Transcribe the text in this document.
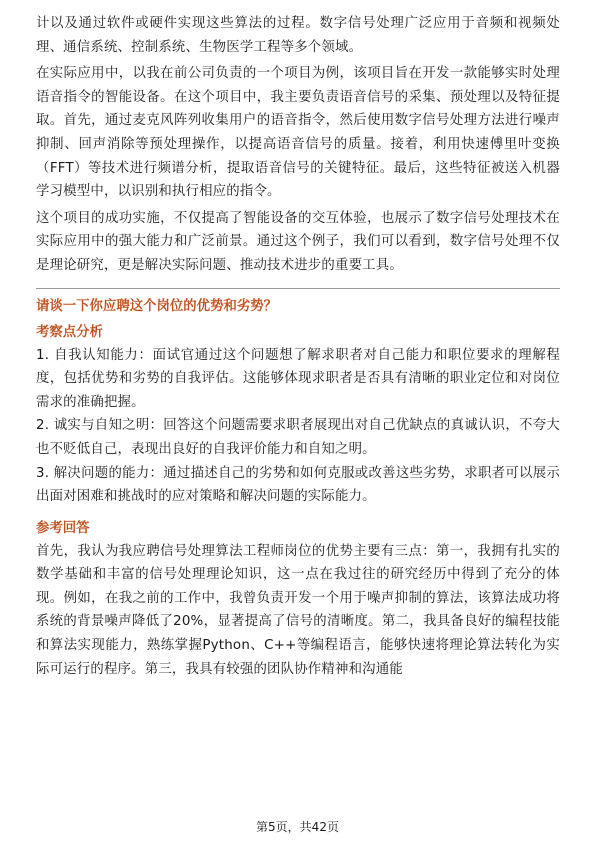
计以及通过软件或硬件实现这些算法的过程。数字信号处理广泛应用于音频和视频处理、通信系统、控制系统、生物医学工程等多个领域。

在实际应用中，以我在前公司负责的一个项目为例，该项目旨在开发一款能够实时处理语音指令的智能设备。在这个项目中，我主要负责语音信号的采集、预处理以及特征提取。首先，通过麦克风阵列收集用户的语音指令，然后使用数字信号处理方法进行噪声抑制、回声消除等预处理操作，以提高语音信号的质量。接着，利用快速傅里叶变换（FFT）等技术进行频谱分析，提取语音信号的关键特征。最后，这些特征被送入机器学习模型中，以识别和执行相应的指令。

这个项目的成功实施，不仅提高了智能设备的交互体验，也展示了数字信号处理技术在实际应用中的强大能力和广泛前景。通过这个例子，我们可以看到，数字信号处理不仅是理论研究，更是解决实际问题、推动技术进步的重要工具。

请谈一下你应聘这个岗位的优势和劣势？

考察点分析

1. 自我认知能力：面试官通过这个问题想了解求职者对自己能力和职位要求的理解程度，包括优势和劣势的自我评估。这能够体现求职者是否具有清晰的职业定位和对岗位需求的准确把握。

2. 诚实与自知之明：回答这个问题需要求职者展现出对自己优缺点的真诚认识，不夸大也不贬低自己，表现出良好的自我评价能力和自知之明。

3. 解决问题的能力：通过描述自己的劣势和如何克服或改善这些劣势，求职者可以展示出面对困难和挑战时的应对策略和解决问题的实际能力。

参考回答

首先，我认为我应聘信号处理算法工程师岗位的优势主要有三点：第一，我拥有扎实的数学基础和丰富的信号处理理论知识，这一点在我过往的研究经历中得到了充分的体现。例如，在我之前的工作中，我曾负责开发一个用于噪声抑制的算法，该算法成功将系统的背景噪声降低了20%，显著提高了信号的清晰度。第二，我具备良好的编程技能和算法实现能力，熟练掌握Python、C++等编程语言，能够快速将理论算法转化为实际可运行的程序。第三，我具有较强的团队协作精神和沟通能

第5页，共42页
